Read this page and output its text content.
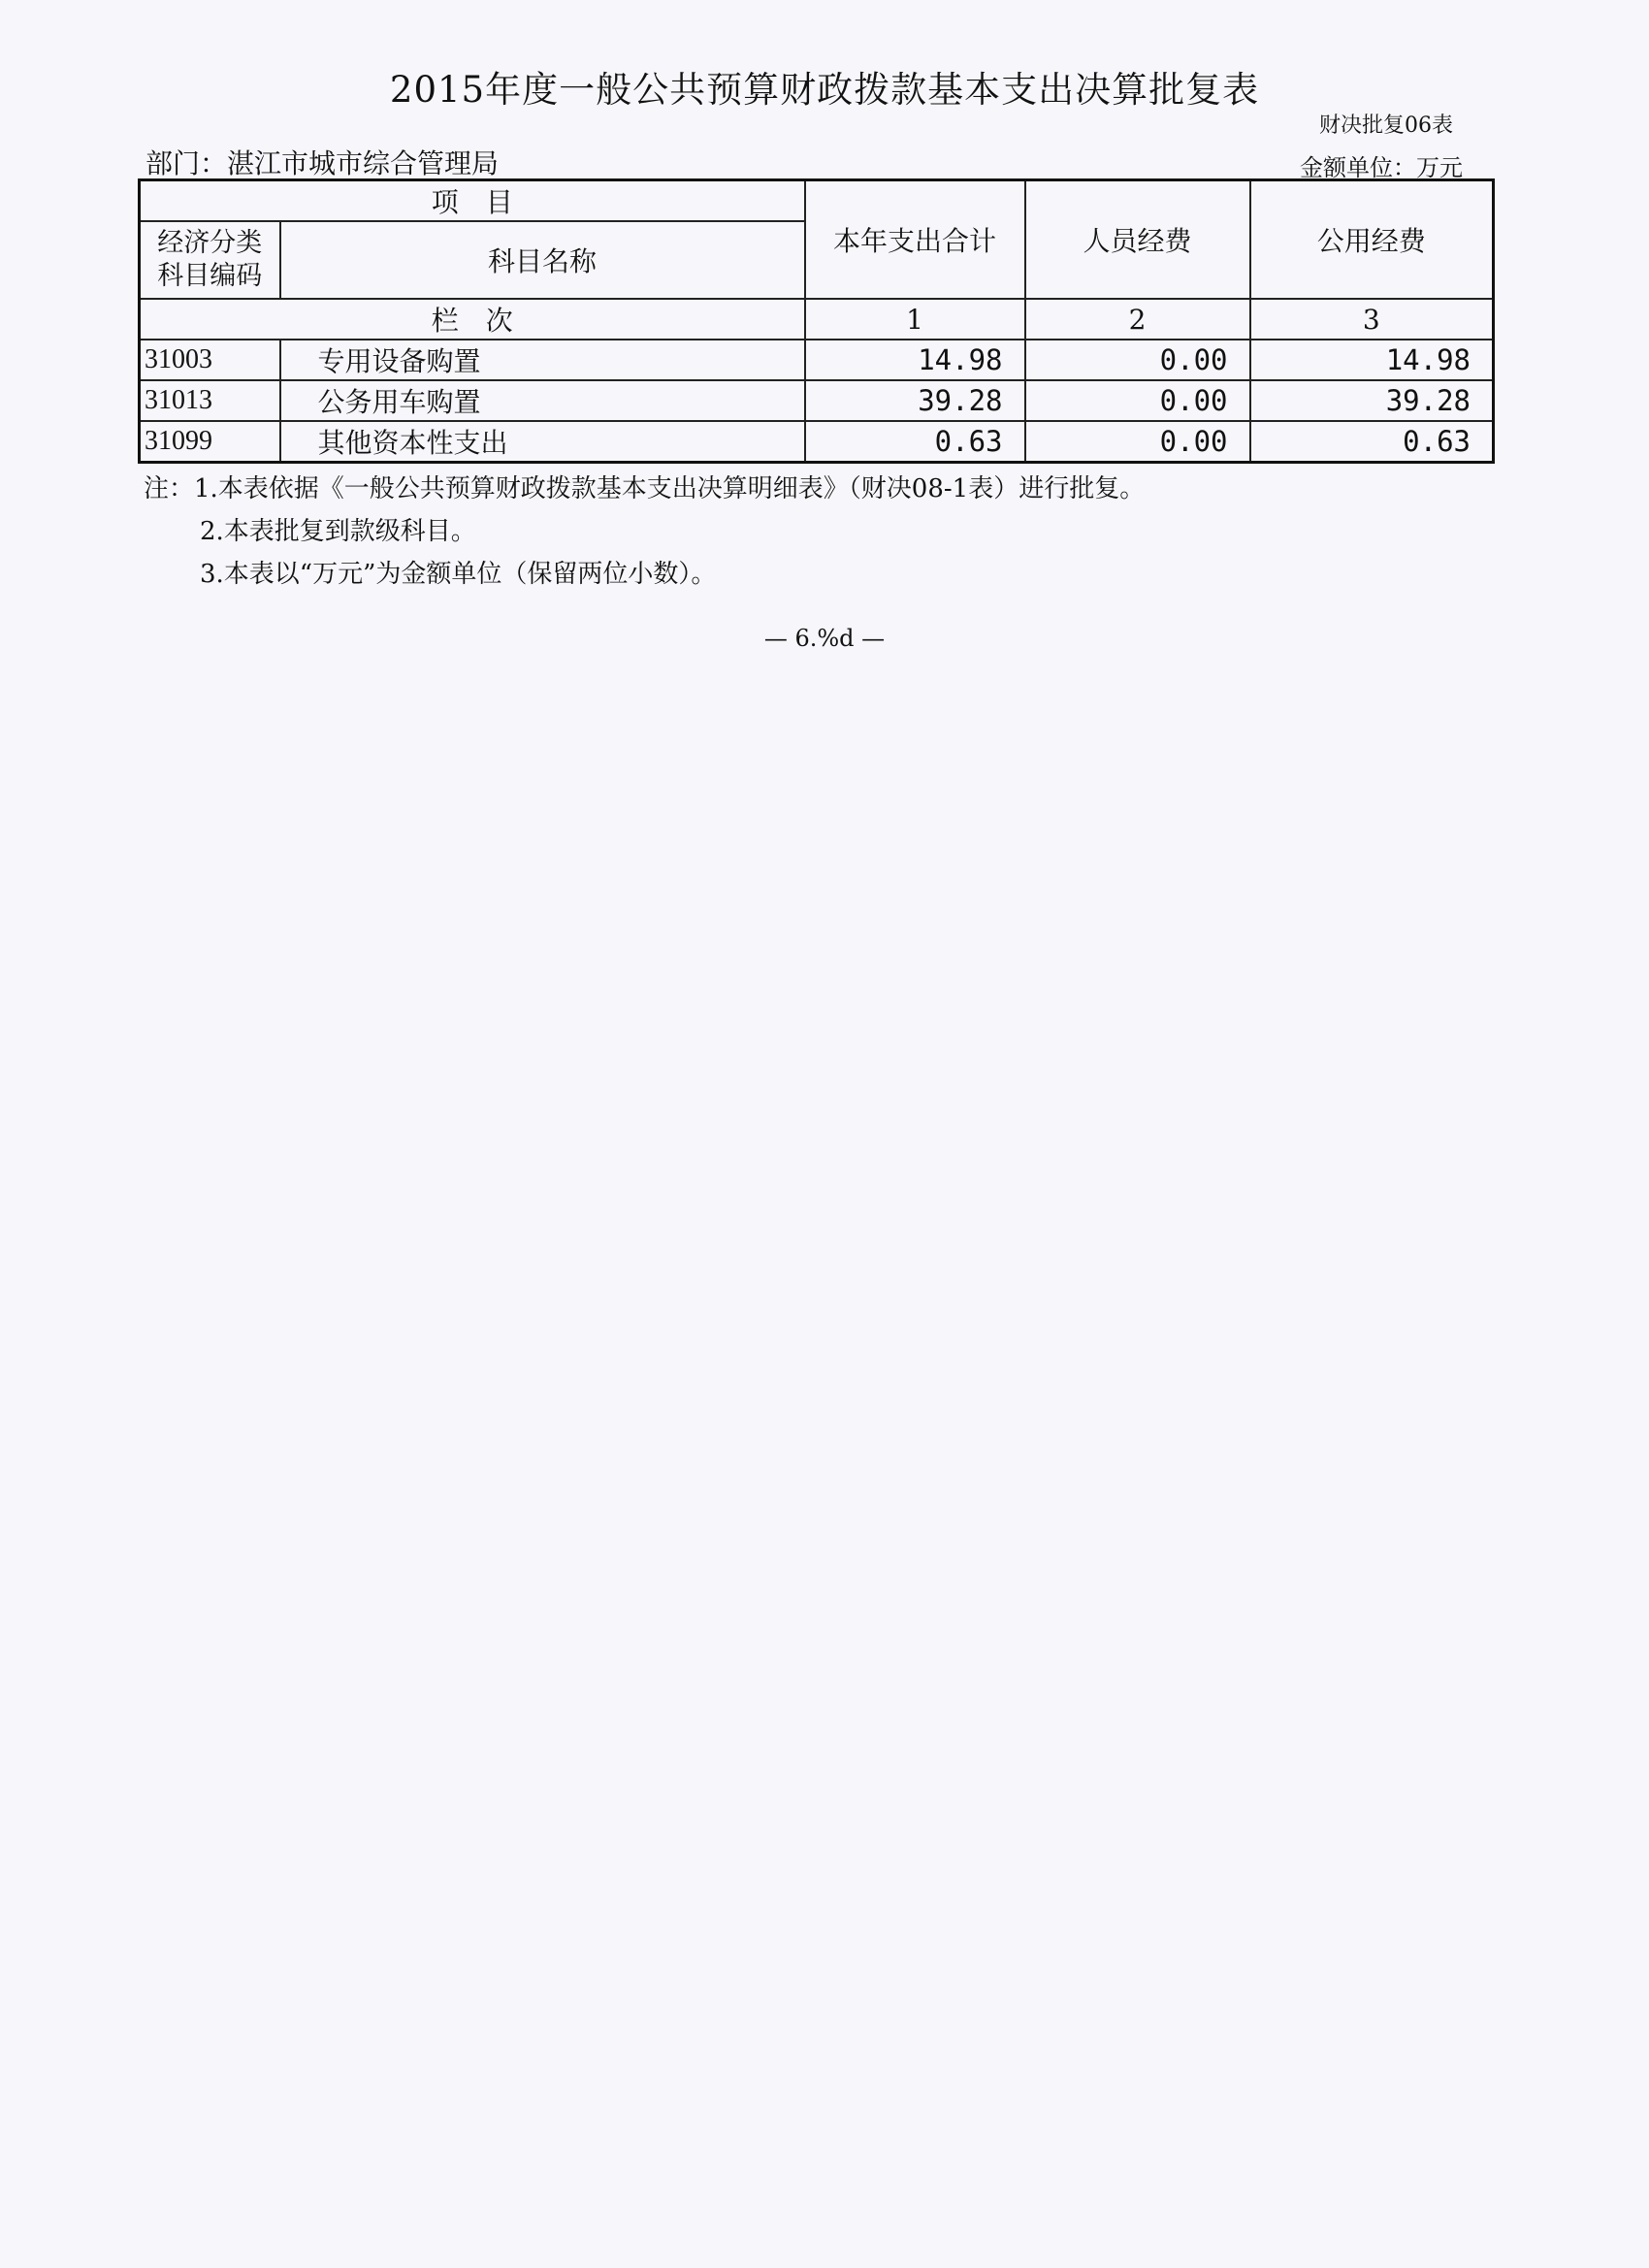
2015年度一般公共预算财政拨款基本支出决算批复表
财决批复06表
部门：湛江市城市综合管理局	金额单位：万元
项　目		本年支出合计	人员经费	公用经费

经济分类
科目编码	科目名称			
栏　次		1	2	3
31003	专用设备购置	14.98	0.00	14.98
31013	公务用车购置	39.28	0.00	39.28
31099	其他资本性支出	0.63	0.00	0.63
注：1.本表依据《一般公共预算财政拨款基本支出决算明细表》（财决08-1表）进行批复。
2.本表批复到款级科目。
3.本表以“万元”为金额单位（保留两位小数）。
— 6.%d —
